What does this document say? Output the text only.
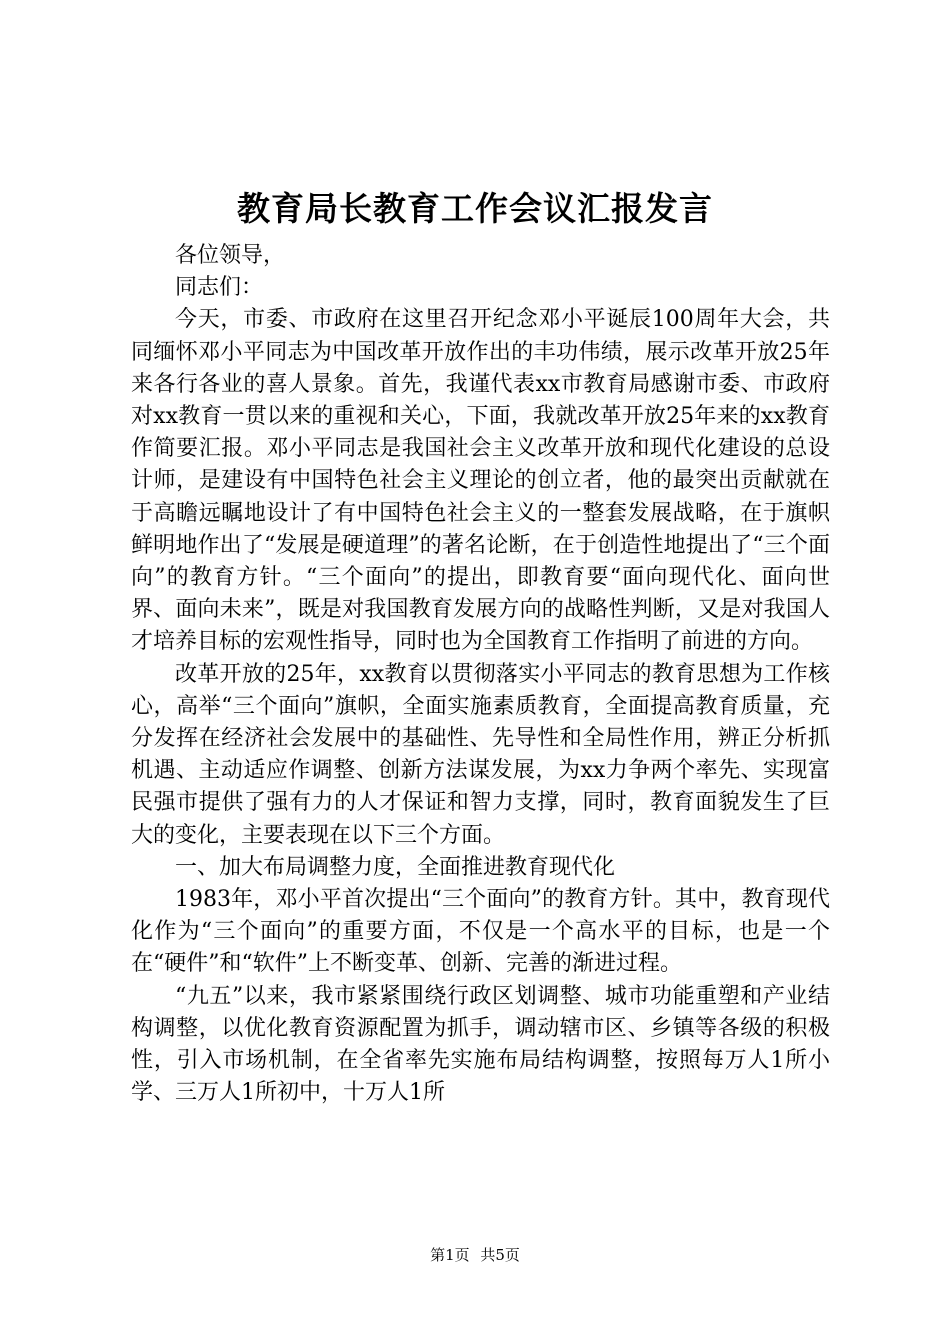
教育局长教育工作会议汇报发言

各位领导，

同志们：

今天，市委、市政府在这里召开纪念邓小平诞辰100周年大会，共同缅怀邓小平同志为中国改革开放作出的丰功伟绩，展示改革开放25年来各行各业的喜人景象。首先，我谨代表xx市教育局感谢市委、市政府对xx教育一贯以来的重视和关心，下面，我就改革开放25年来的xx教育作简要汇报。邓小平同志是我国社会主义改革开放和现代化建设的总设计师，是建设有中国特色社会主义理论的创立者，他的最突出贡献就在于高瞻远瞩地设计了有中国特色社会主义的一整套发展战略，在于旗帜鲜明地作出了“发展是硬道理”的著名论断，在于创造性地提出了“三个面向”的教育方针。“三个面向”的提出，即教育要“面向现代化、面向世界、面向未来”，既是对我国教育发展方向的战略性判断，又是对我国人才培养目标的宏观性指导，同时也为全国教育工作指明了前进的方向。

改革开放的25年，xx教育以贯彻落实小平同志的教育思想为工作核心，高举“三个面向”旗帜，全面实施素质教育，全面提高教育质量，充分发挥在经济社会发展中的基础性、先导性和全局性作用，辨正分析抓机遇、主动适应作调整、创新方法谋发展，为xx力争两个率先、实现富民强市提供了强有力的人才保证和智力支撑，同时，教育面貌发生了巨大的变化，主要表现在以下三个方面。

一、加大布局调整力度，全面推进教育现代化

1983年，邓小平首次提出“三个面向”的教育方针。其中，教育现代化作为“三个面向”的重要方面，不仅是一个高水平的目标，也是一个在“硬件”和“软件”上不断变革、创新、完善的渐进过程。

“九五”以来，我市紧紧围绕行政区划调整、城市功能重塑和产业结构调整，以优化教育资源配置为抓手，调动辖市区、乡镇等各级的积极性，引入市场机制，在全省率先实施布局结构调整，按照每万人1所小学、三万人1所初中，十万人1所

第1页 共5页
